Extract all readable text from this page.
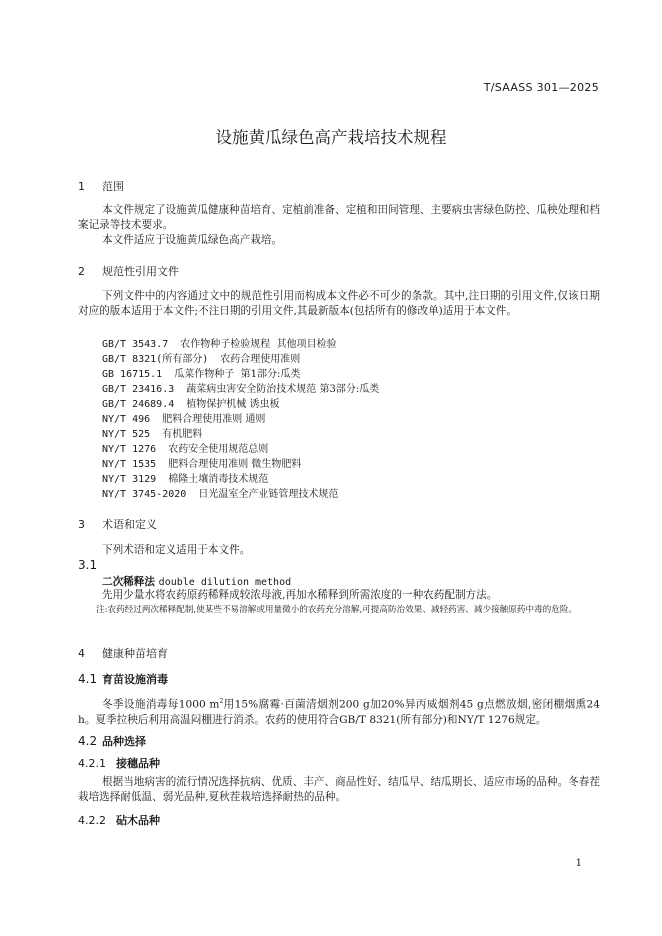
T/SAASS 301—2025
设施黄瓜绿色高产栽培技术规程
1 范围
本文件规定了设施黄瓜健康种苗培育、定植前准备、定植和田间管理、主要病虫害绿色防控、瓜秧处理和档案记录等技术要求。
本文件适应于设施黄瓜绿色高产栽培。
2 规范性引用文件
下列文件中的内容通过文中的规范性引用而构成本文件必不可少的条款。其中,注日期的引用文件,仅该日期对应的版本适用于本文件;不注日期的引用文件,其最新版本(包括所有的修改单)适用于本文件。
GB/T 3543.7 农作物种子检验规程  其他项目检验
GB/T 8321(所有部分) 农药合理使用准则
GB 16715.1 瓜菜作物种子  第1部分:瓜类
GB/T 23416.3 蔬菜病虫害安全防治技术规范 第3部分:瓜类
GB/T 24689.4 植物保护机械 诱虫板
NY/T 496 肥料合理使用准则 通则
NY/T 525 有机肥料
NY/T 1276 农药安全使用规范总则
NY/T 1535 肥料合理使用准则 微生物肥料
NY/T 3129 棉隆土壤消毒技术规范
NY/T 3745-2020 日光温室全产业链管理技术规范
3 术语和定义
下列术语和定义适用于本文件。
3.1
二次稀释法 double dilution method
先用少量水将农药原药稀释成较浓母液,再加水稀释到所需浓度的一种农药配制方法。
注:农药经过两次稀释配制,使某些不易溶解或用量微小的农药充分溶解,可提高防治效果、减轻药害、减少接触原药中毒的危险。
4 健康种苗培育
4.1 育苗设施消毒
冬季设施消毒每1000 $m^2$用15%腐霉·百菌清烟剂200 g加20%异丙威烟剂45 g点燃放烟,密闭棚烟熏24 h。夏季拉秧后利用高温闷棚进行消杀。农药的使用符合GB/T 8321(所有部分)和NY/T 1276规定。
4.2 品种选择
4.2.1 接穗品种
根据当地病害的流行情况选择抗病、优质、丰产、商品性好、结瓜早、结瓜期长、适应市场的品种。冬春茬栽培选择耐低温、弱光品种,夏秋茬栽培选择耐热的品种。
4.2.2 砧木品种
1
